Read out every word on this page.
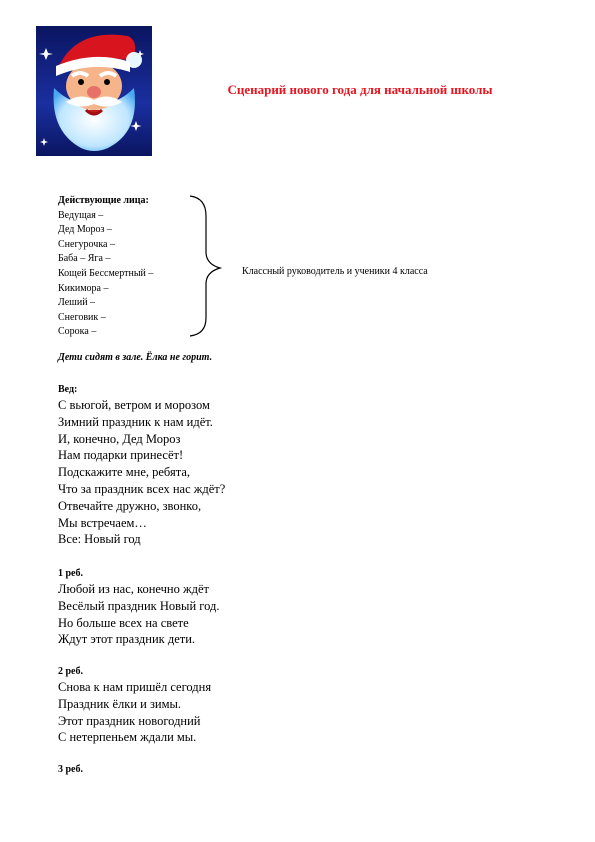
Сценарий нового года для начальной школы
Действующие лица:
Ведущая –
Дед Мороз –
Снегурочка –
Баба – Яга –
Кощей Бессмертный –
Кикимора –
Леший –
Снеговик –
Сорока –
Классный руководитель и ученики 4 класса
Дети сидят в зале. Ёлка не горит.
Вед:
С вьюгой, ветром и морозом
Зимний праздник к нам идёт.
И, конечно, Дед Мороз
Нам подарки принесёт!
Подскажите мне, ребята,
Что за праздник всех нас ждёт?
Отвечайте дружно, звонко,
Мы встречаем…
Все: Новый год
1 реб.
Любой из нас, конечно ждёт
Весёлый праздник Новый год.
Но больше всех на свете
Ждут этот праздник дети.
2 реб.
Снова к нам пришёл сегодня
Праздник ёлки и зимы.
Этот праздник новогодний
С нетерпеньем ждали мы.
3 реб.
